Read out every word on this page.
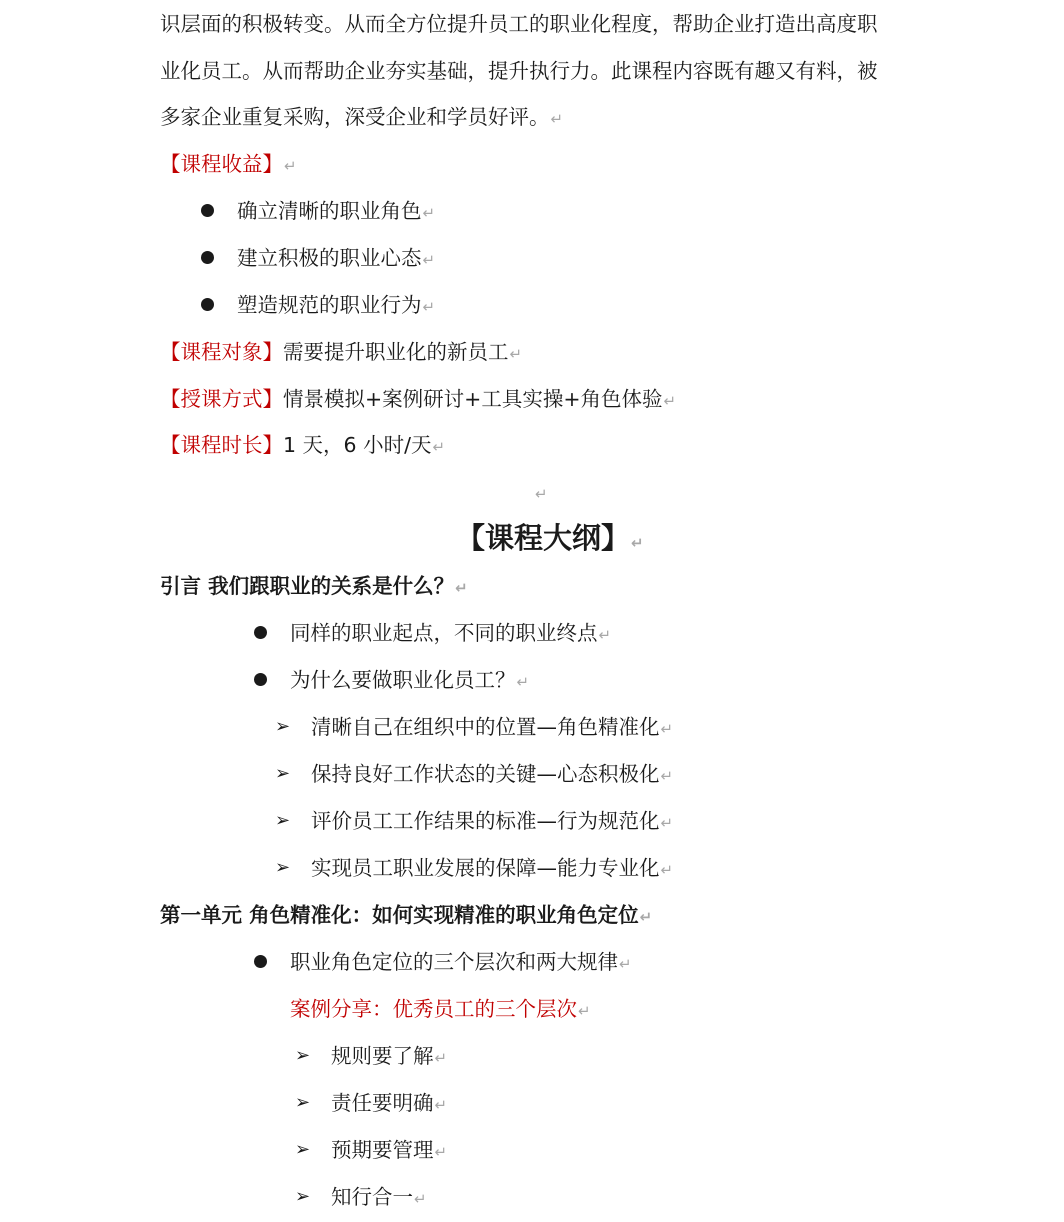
识层面的积极转变。从而全方位提升员工的职业化程度，帮助企业打造出高度职
业化员工。从而帮助企业夯实基础，提升执行力。此课程内容既有趣又有料，被
多家企业重复采购，深受企业和学员好评。↵
【课程收益】↵
确立清晰的职业角色↵
建立积极的职业心态↵
塑造规范的职业行为↵
【课程对象】需要提升职业化的新员工↵
【授课方式】情景模拟+案例研讨+工具实操+角色体验↵
【课程时长】1 天，6 小时/天↵
↵
【课程大纲】↵
引言 我们跟职业的关系是什么？↵
同样的职业起点，不同的职业终点↵
为什么要做职业化员工？↵
➢ 清晰自己在组织中的位置—角色精准化↵
➢ 保持良好工作状态的关键—心态积极化↵
➢ 评价员工工作结果的标准—行为规范化↵
➢ 实现员工职业发展的保障—能力专业化↵
第一单元 角色精准化：如何实现精准的职业角色定位↵
职业角色定位的三个层次和两大规律↵
案例分享：优秀员工的三个层次↵
➢ 规则要了解↵
➢ 责任要明确↵
➢ 预期要管理↵
➢ 知行合一↵
